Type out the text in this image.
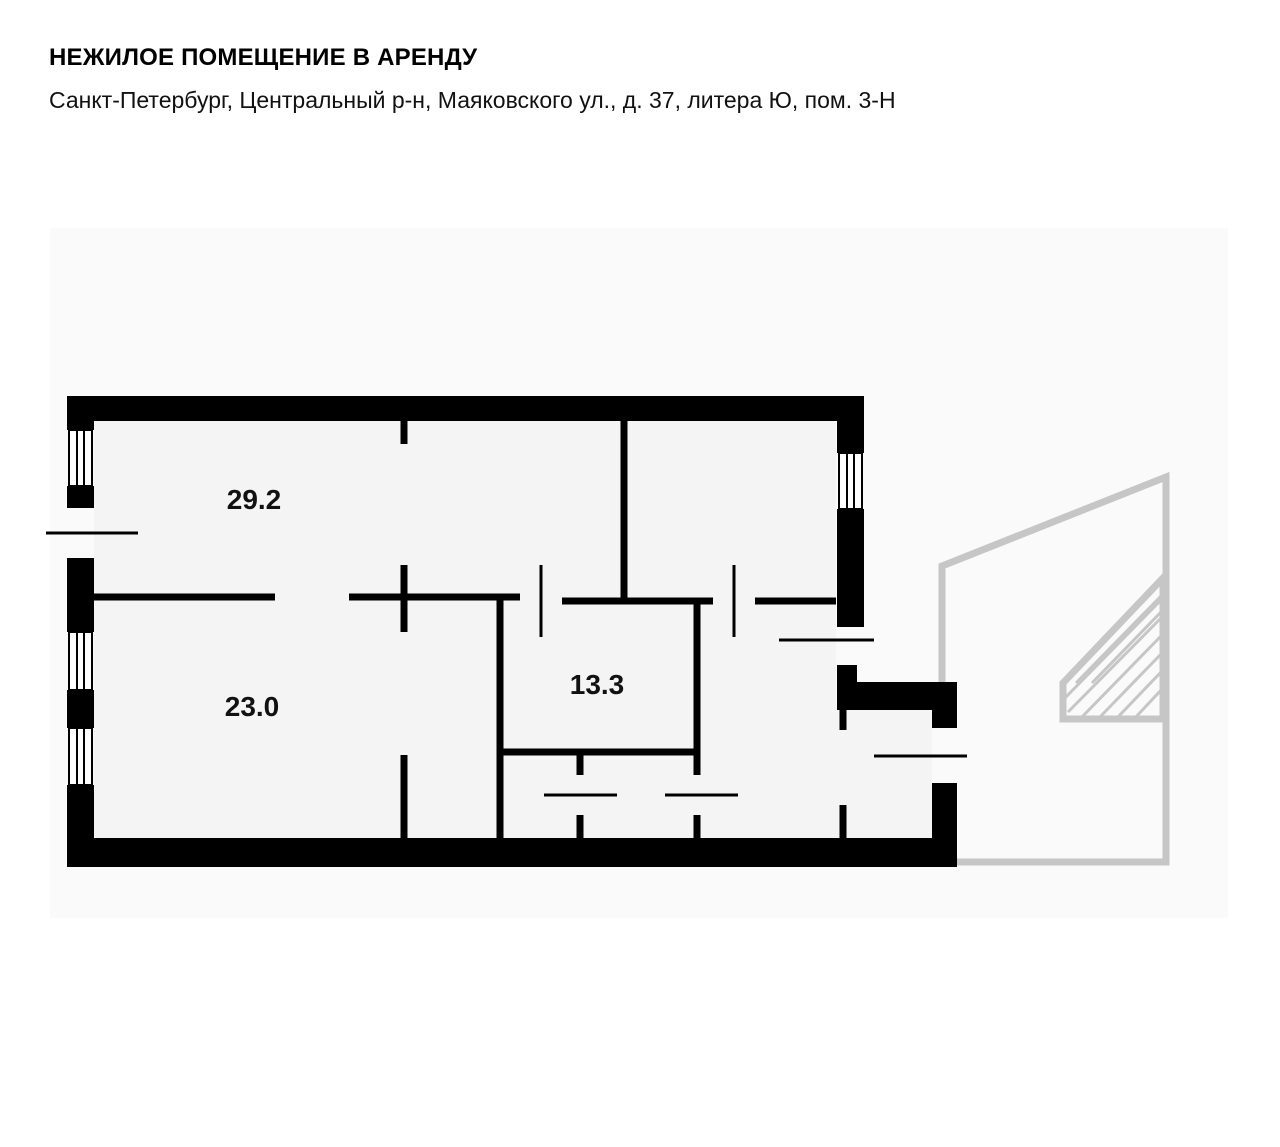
НЕЖИЛОЕ ПОМЕЩЕНИЕ В АРЕНДУ
Санкт-Петербург, Центральный р-н, Маяковского ул., д. 37, литера Ю, пом. 3-Н
29.2
23.0
13.3
